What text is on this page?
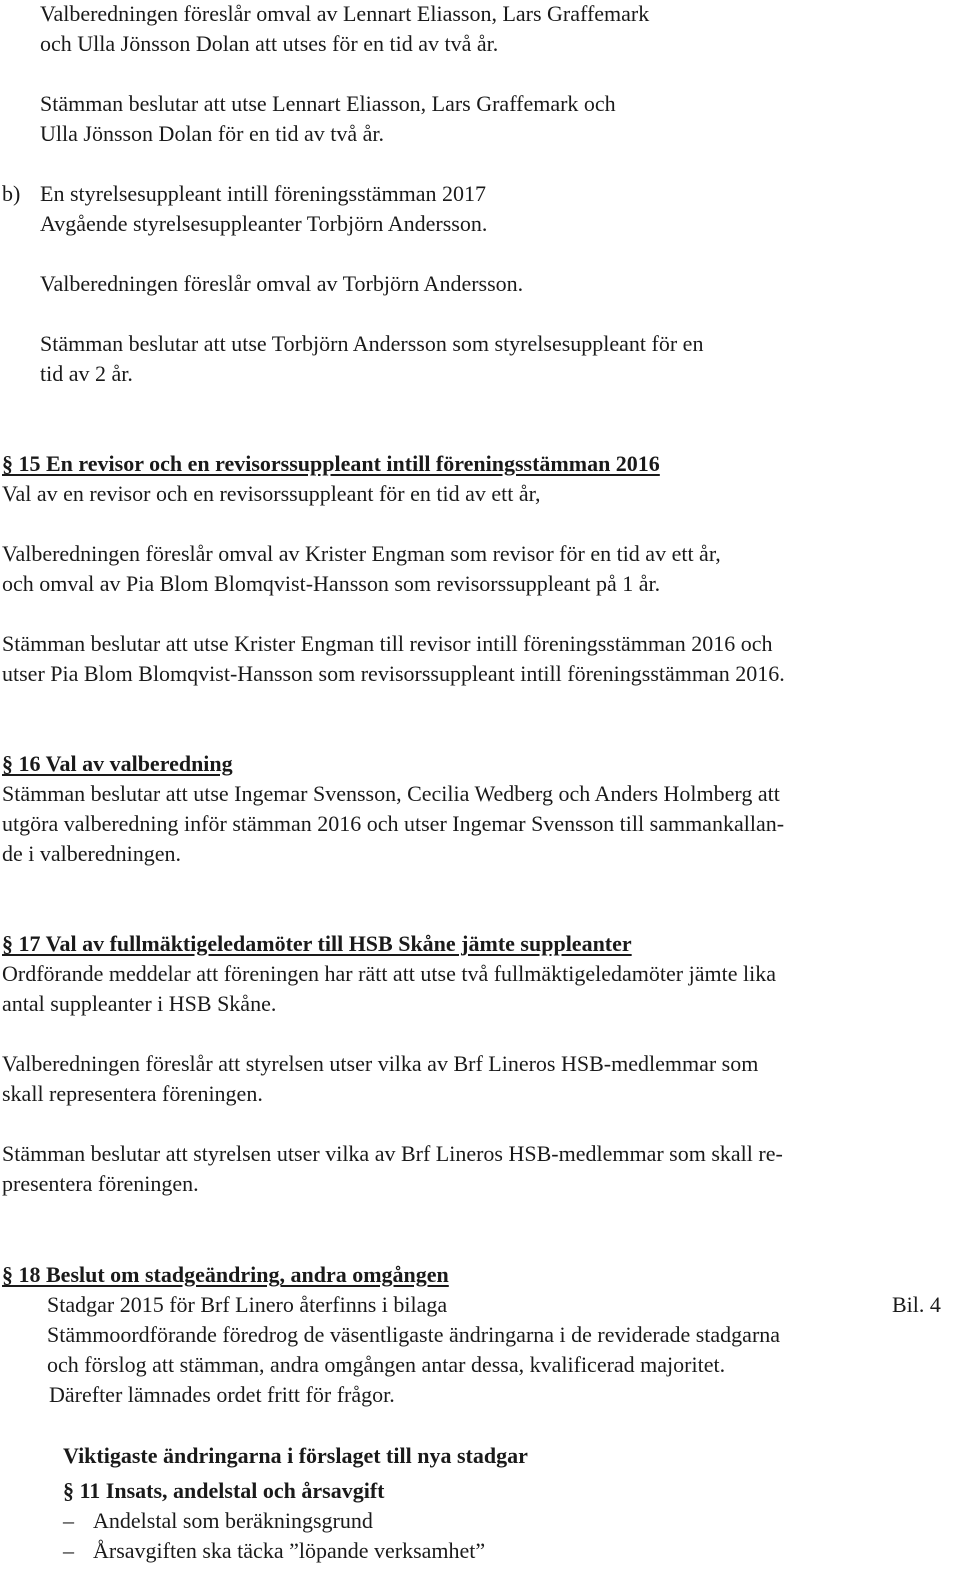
Valberedningen föreslår omval av Lennart Eliasson, Lars Graffemark
och Ulla Jönsson Dolan att utses för en tid av två år.
Stämman beslutar att utse Lennart Eliasson, Lars Graffemark och
Ulla Jönsson Dolan för en tid av två år.
b) En styrelsesuppleant intill föreningsstämman 2017
Avgående styrelsesuppleanter Torbjörn Andersson.
Valberedningen föreslår omval av Torbjörn Andersson.
Stämman beslutar att utse Torbjörn Andersson som styrelsesuppleant för en
tid av 2 år.
§ 15 En revisor och en revisorssuppleant intill föreningsstämman 2016
Val av en revisor och en revisorssuppleant för en tid av ett år,
Valberedningen föreslår omval av Krister Engman som revisor för en tid av ett år,
och omval av Pia Blom Blomqvist-Hansson som revisorssuppleant på 1 år.
Stämman beslutar att utse Krister Engman till revisor intill föreningsstämman 2016 och
utser Pia Blom Blomqvist-Hansson som revisorssuppleant intill föreningsstämman 2016.
§ 16 Val av valberedning
Stämman beslutar att utse Ingemar Svensson, Cecilia Wedberg och Anders Holmberg att
utgöra valberedning inför stämman 2016 och utser Ingemar Svensson till sammankallan-
de i valberedningen.
§ 17 Val av fullmäktigeledamöter till HSB Skåne jämte suppleanter
Ordförande meddelar att föreningen har rätt att utse två fullmäktigeledamöter jämte lika
antal suppleanter i HSB Skåne.
Valberedningen föreslår att styrelsen utser vilka av Brf Lineros HSB-medlemmar som
skall representera föreningen.
Stämman beslutar att styrelsen utser vilka av Brf Lineros HSB-medlemmar som skall re-
presentera föreningen.
§ 18 Beslut om stadgeändring, andra omgången
Stadgar 2015 för Brf Linero återfinns i bilaga	Bil. 4
Stämmoordförande föredrog de väsentligaste ändringarna i de reviderade stadgarna
och förslog att stämman, andra omgången antar dessa, kvalificerad majoritet.
Därefter lämnades ordet fritt för frågor.
Viktigaste ändringarna i förslaget till nya stadgar
§ 11 Insats, andelstal och årsavgift
– Andelstal som beräkningsgrund
– Årsavgiften ska täcka ”löpande verksamhet”
